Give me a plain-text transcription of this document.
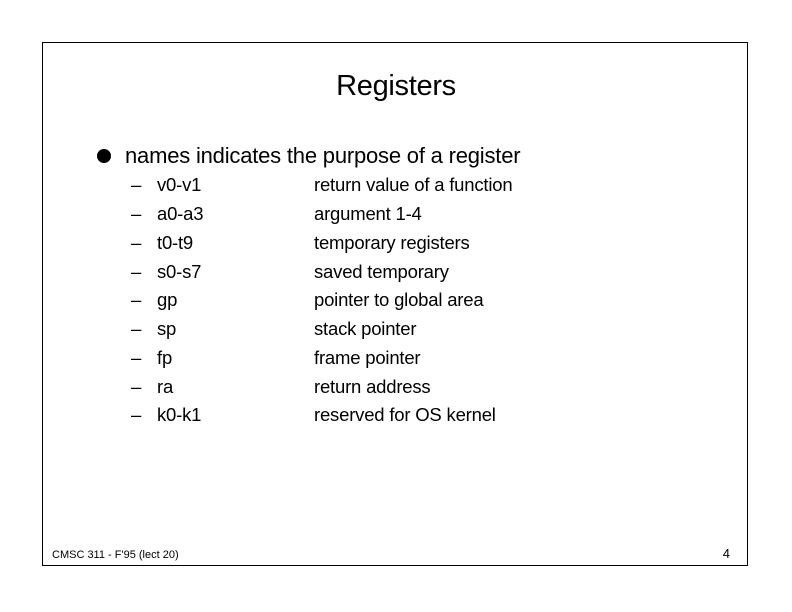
Registers
names indicates the purpose of a register
– v0-v1	return value of a function
– a0-a3	argument 1-4
– t0-t9	temporary registers
– s0-s7	saved temporary
– gp	pointer to global area
– sp	stack pointer
– fp	frame pointer
– ra	return address
– k0-k1	reserved for OS kernel
CMSC 311 - F'95 (lect 20)	4
